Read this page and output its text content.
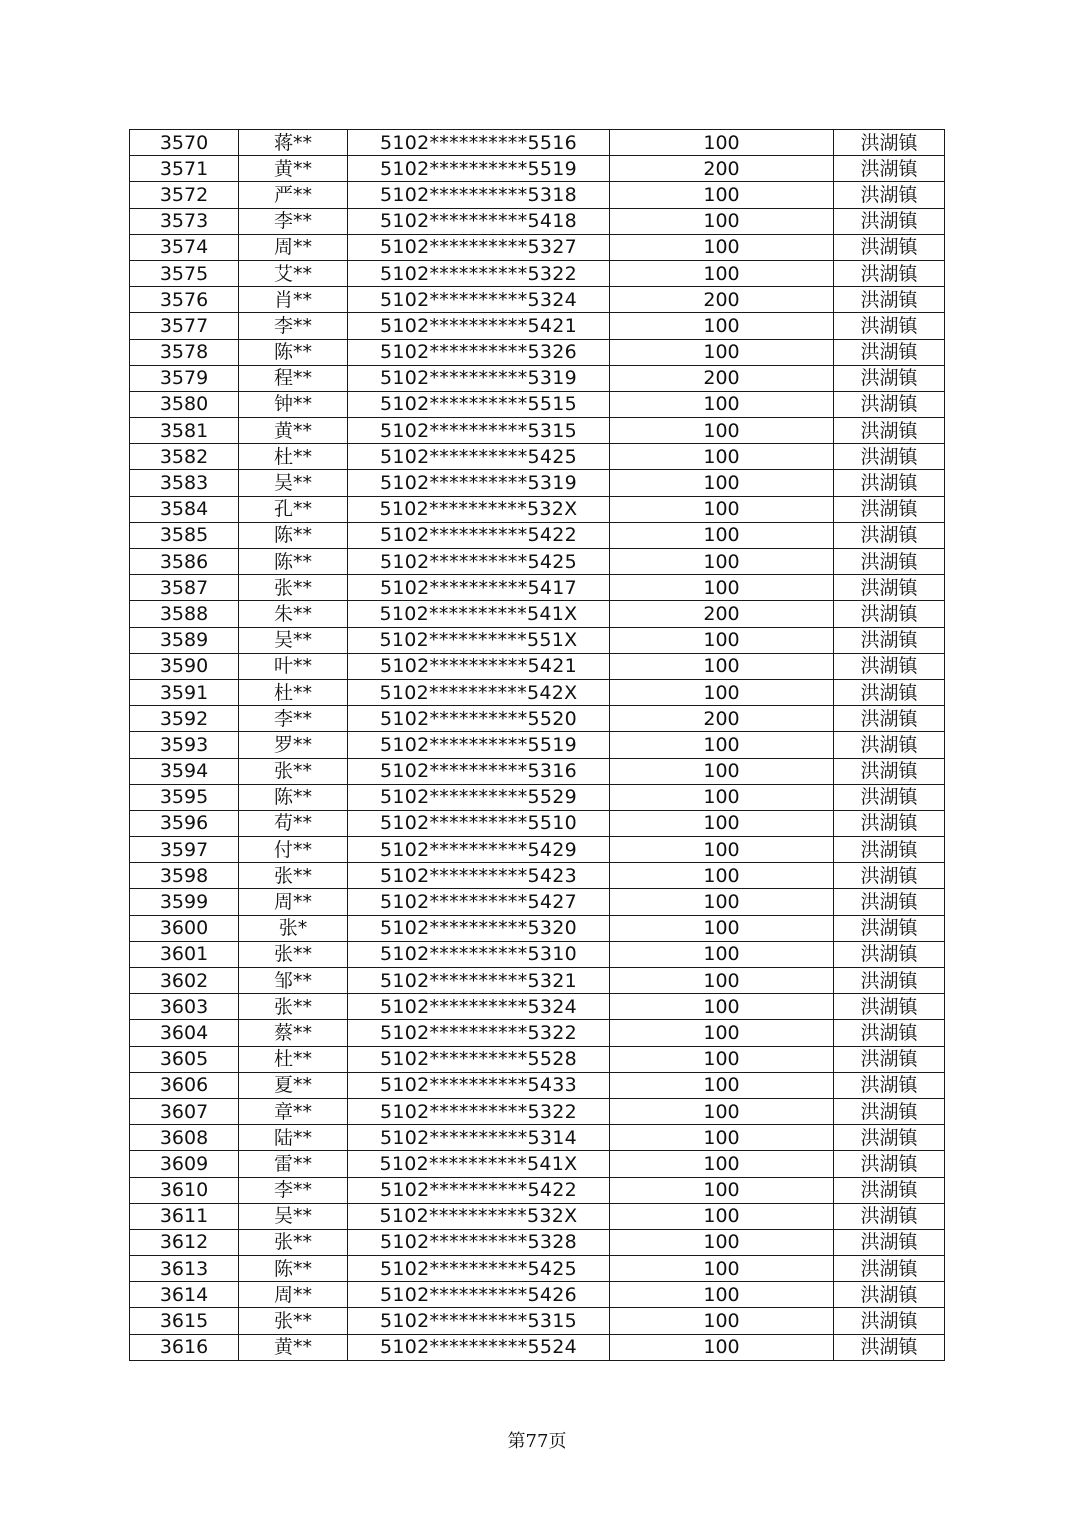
3570	蒋**	5102**********5516	100	洪湖镇
3571	黄**	5102**********5519	200	洪湖镇
3572	严**	5102**********5318	100	洪湖镇
3573	李**	5102**********5418	100	洪湖镇
3574	周**	5102**********5327	100	洪湖镇
3575	艾**	5102**********5322	100	洪湖镇
3576	肖**	5102**********5324	200	洪湖镇
3577	李**	5102**********5421	100	洪湖镇
3578	陈**	5102**********5326	100	洪湖镇
3579	程**	5102**********5319	200	洪湖镇
3580	钟**	5102**********5515	100	洪湖镇
3581	黄**	5102**********5315	100	洪湖镇
3582	杜**	5102**********5425	100	洪湖镇
3583	吴**	5102**********5319	100	洪湖镇
3584	孔**	5102**********532X	100	洪湖镇
3585	陈**	5102**********5422	100	洪湖镇
3586	陈**	5102**********5425	100	洪湖镇
3587	张**	5102**********5417	100	洪湖镇
3588	朱**	5102**********541X	200	洪湖镇
3589	吴**	5102**********551X	100	洪湖镇
3590	叶**	5102**********5421	100	洪湖镇
3591	杜**	5102**********542X	100	洪湖镇
3592	李**	5102**********5520	200	洪湖镇
3593	罗**	5102**********5519	100	洪湖镇
3594	张**	5102**********5316	100	洪湖镇
3595	陈**	5102**********5529	100	洪湖镇
3596	苟**	5102**********5510	100	洪湖镇
3597	付**	5102**********5429	100	洪湖镇
3598	张**	5102**********5423	100	洪湖镇
3599	周**	5102**********5427	100	洪湖镇
3600	张*	5102**********5320	100	洪湖镇
3601	张**	5102**********5310	100	洪湖镇
3602	邹**	5102**********5321	100	洪湖镇
3603	张**	5102**********5324	100	洪湖镇
3604	蔡**	5102**********5322	100	洪湖镇
3605	杜**	5102**********5528	100	洪湖镇
3606	夏**	5102**********5433	100	洪湖镇
3607	章**	5102**********5322	100	洪湖镇
3608	陆**	5102**********5314	100	洪湖镇
3609	雷**	5102**********541X	100	洪湖镇
3610	李**	5102**********5422	100	洪湖镇
3611	吴**	5102**********532X	100	洪湖镇
3612	张**	5102**********5328	100	洪湖镇
3613	陈**	5102**********5425	100	洪湖镇
3614	周**	5102**********5426	100	洪湖镇
3615	张**	5102**********5315	100	洪湖镇
3616	黄**	5102**********5524	100	洪湖镇
第77页
